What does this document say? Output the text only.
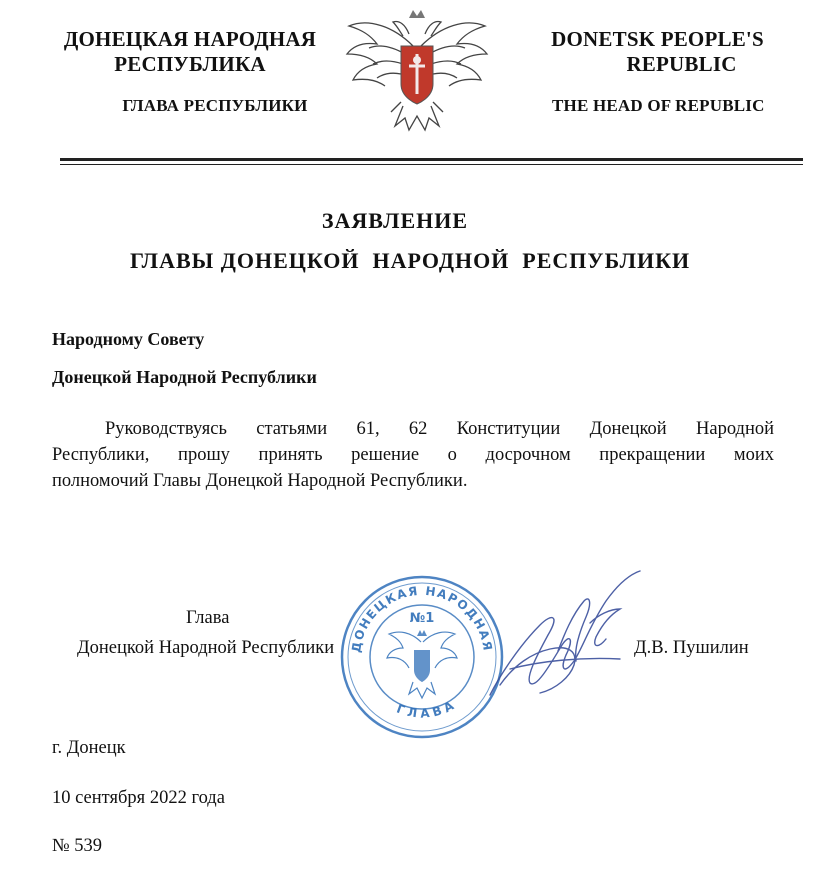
ДОНЕЦКАЯ НАРОДНАЯ
РЕСПУБЛИКА
ГЛАВА РЕСПУБЛИКИ
DONETSK PEOPLE'S
REPUBLIC
THE HEAD OF REPUBLIC
ЗАЯВЛЕНИЕ
ГЛАВЫ ДОНЕЦКОЙ  НАРОДНОЙ  РЕСПУБЛИКИ
Народному Совету
Донецкой Народной Республики
Руководствуясь статьями 61, 62 Конституции Донецкой Народной
Республики, прошу принять решение о досрочном прекращении моих
полномочий Главы Донецкой Народной Республики.
ДОНЕЦКАЯ НАРОДНАЯ
ГЛАВА
№1
Глава
Донецкой Народной Республики	Д.В. Пушилин
г. Донецк
10 сентября 2022 года
№ 539
